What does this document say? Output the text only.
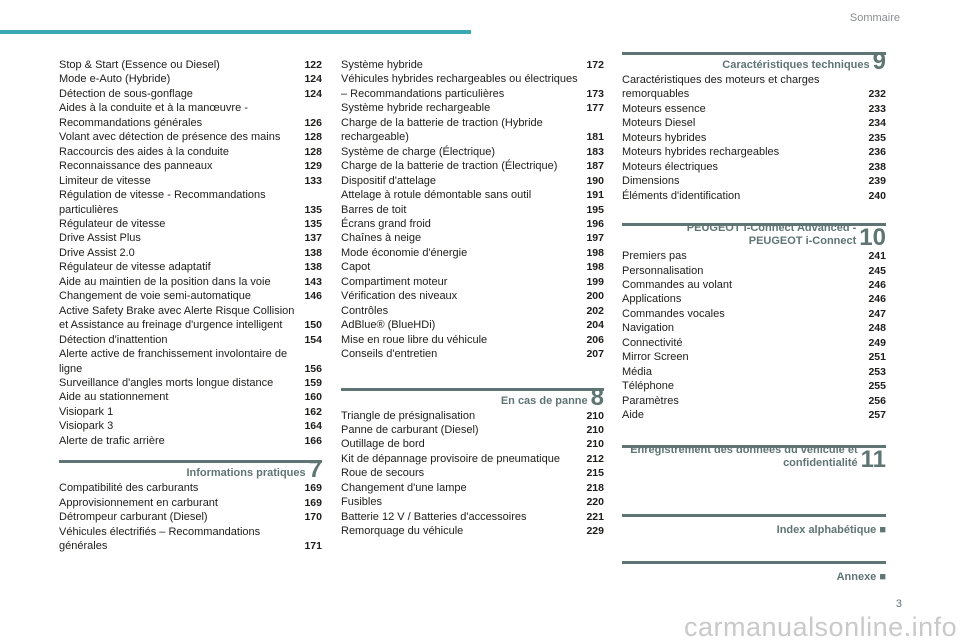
Sommaire
Stop & Start (Essence ou Diesel)	122
Mode e-Auto (Hybride)	124
Détection de sous-gonflage	124
Aides à la conduite et à la manœuvre - Recommandations générales	126
Volant avec détection de présence des mains	128
Raccourcis des aides à la conduite	128
Reconnaissance des panneaux	129
Limiteur de vitesse	133
Régulation de vitesse - Recommandations particulières	135
Régulateur de vitesse	135
Drive Assist Plus	137
Drive Assist 2.0	138
Régulateur de vitesse adaptatif	138
Aide au maintien de la position dans la voie	143
Changement de voie semi-automatique	146
Active Safety Brake avec Alerte Risque Collision et Assistance au freinage d'urgence intelligent	150
Détection d'inattention	154
Alerte active de franchissement involontaire de ligne	156
Surveillance d'angles morts longue distance	159
Aide au stationnement	160
Visiopark 1	162
Visiopark 3	164
Alerte de trafic arrière	166
Informations pratiques 7
Compatibilité des carburants	169
Approvisionnement en carburant	169
Détrompeur carburant (Diesel)	170
Véhicules électrifiés – Recommandations générales	171
Système hybride	172
Véhicules hybrides rechargeables ou électriques – Recommandations particulières	173
Système hybride rechargeable	177
Charge de la batterie de traction (Hybride rechargeable)	181
Système de charge (Électrique)	183
Charge de la batterie de traction (Électrique)	187
Dispositif d'attelage	190
Attelage à rotule démontable sans outil	191
Barres de toit	195
Écrans grand froid	196
Chaînes à neige	197
Mode économie d'énergie	198
Capot	198
Compartiment moteur	199
Vérification des niveaux	200
Contrôles	202
AdBlue® (BlueHDi)	204
Mise en roue libre du véhicule	206
Conseils d'entretien	207
En cas de panne 8
Triangle de présignalisation	210
Panne de carburant (Diesel)	210
Outillage de bord	210
Kit de dépannage provisoire de pneumatique	212
Roue de secours	215
Changement d'une lampe	218
Fusibles	220
Batterie 12 V / Batteries d'accessoires	221
Remorquage du véhicule	229
Caractéristiques techniques 9
Caractéristiques des moteurs et charges remorquables	232
Moteurs essence	233
Moteurs Diesel	234
Moteurs hybrides	235
Moteurs hybrides rechargeables	236
Moteurs électriques	238
Dimensions	239
Éléments d'identification	240
PEUGEOT i-Connect Advanced -
PEUGEOT i-Connect 10
Premiers pas	241
Personnalisation	245
Commandes au volant	246
Applications	246
Commandes vocales	247
Navigation	248
Connectivité	249
Mirror Screen	251
Média	253
Téléphone	255
Paramètres	256
Aide	257
Enregistrement des données du véhicule et
confidentialité 11
Index alphabétique ■
Annexe ■
3
carmanualsonline.info
